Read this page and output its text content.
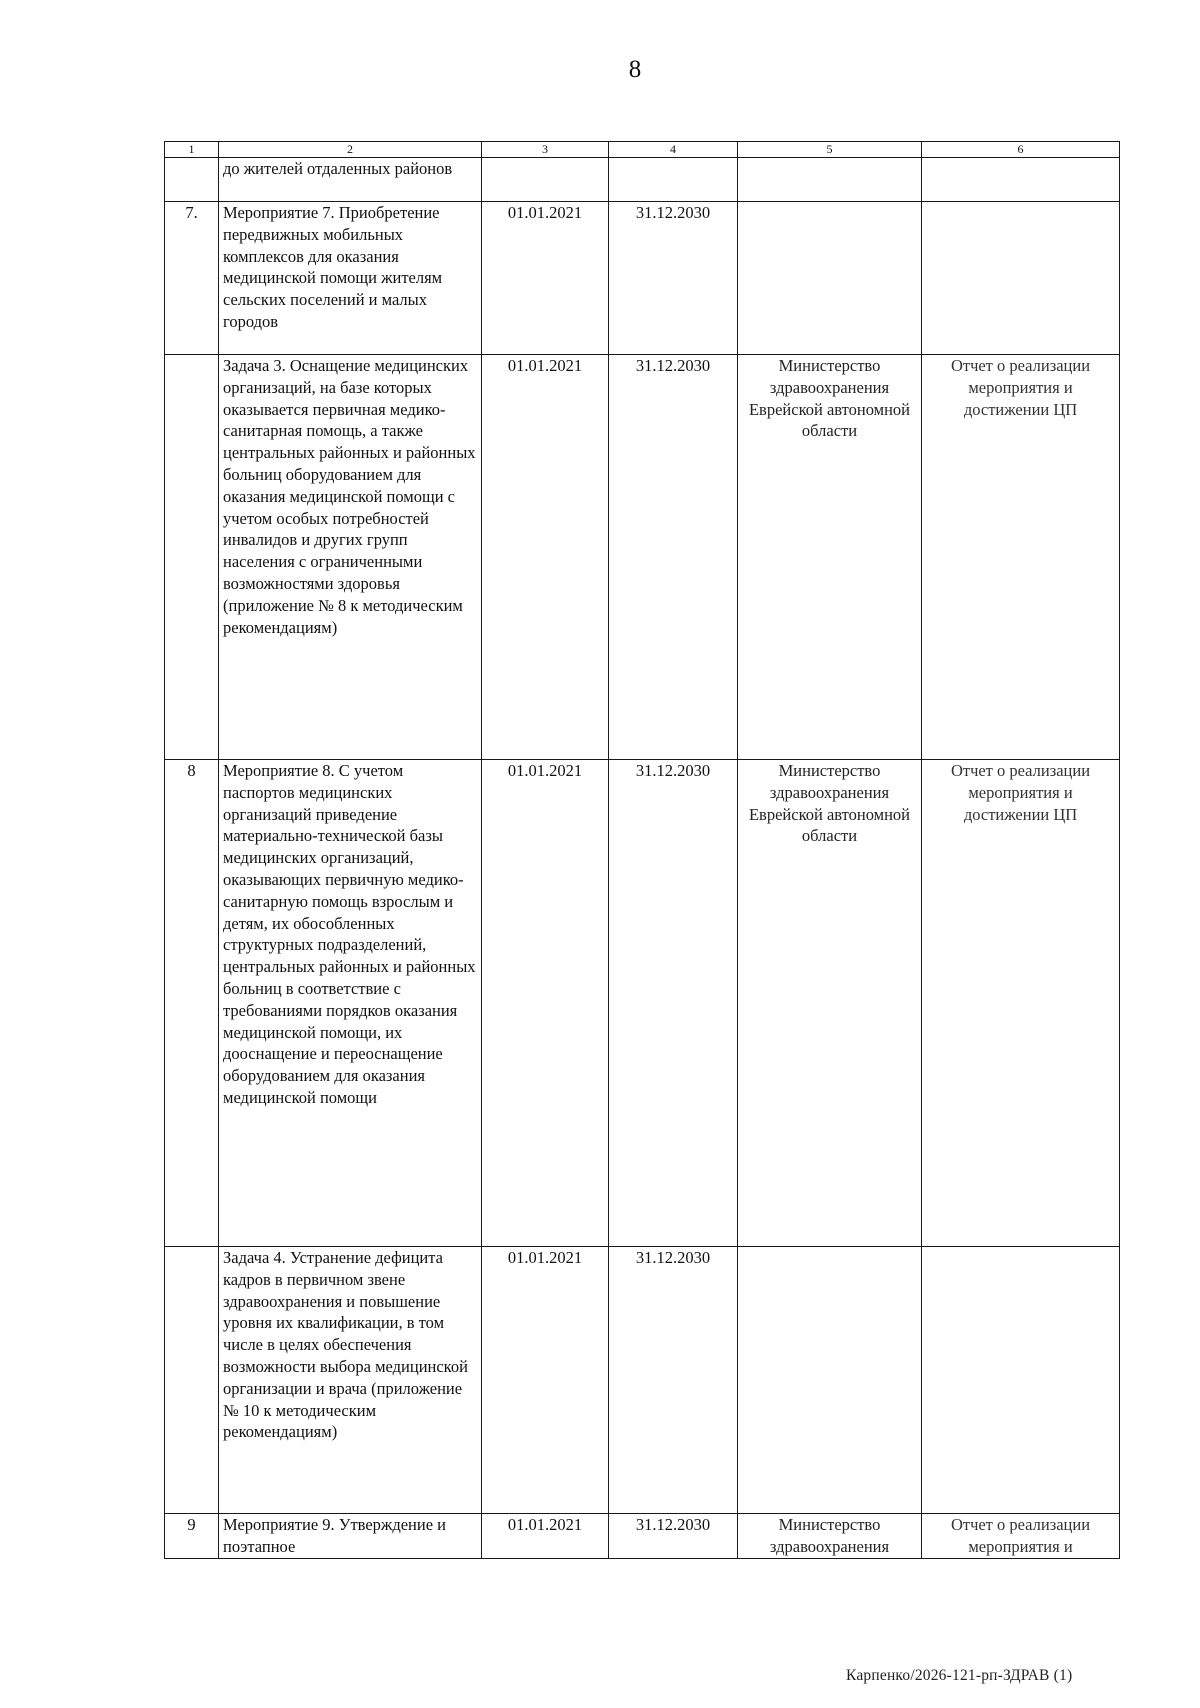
8
1	2	3	4	5	6
	до жителей отдаленных районов				
7.	Мероприятие 7. Приобретение передвижных мобильных комплексов для оказания медицинской помощи жителям сельских поселений и малых городов	01.01.2021	31.12.2030		
	Задача 3. Оснащение медицинских организаций, на базе которых оказывается первичная медико-санитарная помощь, а также центральных районных и районных больниц оборудованием для оказания медицинской помощи с учетом особых потребностей инвалидов и других групп населения с ограниченными возможностями здоровья (приложение № 8 к методическим рекомендациям)	01.01.2021	31.12.2030	Министерство здравоохранения Еврейской автономной области	Отчет о реализации мероприятия и достижении ЦП
8	Мероприятие 8. С учетом паспортов медицинских организаций приведение материально-технической базы медицинских организаций, оказывающих первичную медико-санитарную помощь взрослым и детям, их обособленных структурных подразделений, центральных районных и районных больниц в соответствие с требованиями порядков оказания медицинской помощи, их дооснащение и переоснащение оборудованием для оказания медицинской помощи	01.01.2021	31.12.2030	Министерство здравоохранения Еврейской автономной области	Отчет о реализации мероприятия и достижении ЦП
	Задача 4. Устранение дефицита кадров в первичном звене здравоохранения и повышение уровня их квалификации, в том числе в целях обеспечения возможности выбора медицинской организации и врача (приложение № 10 к методическим рекомендациям)	01.01.2021	31.12.2030		
9	Мероприятие 9. Утверждение и поэтапное	01.01.2021	31.12.2030	Министерство здравоохранения	Отчет о реализации мероприятия и
Карпенко/2026-121-рп-ЗДРАВ (1)
